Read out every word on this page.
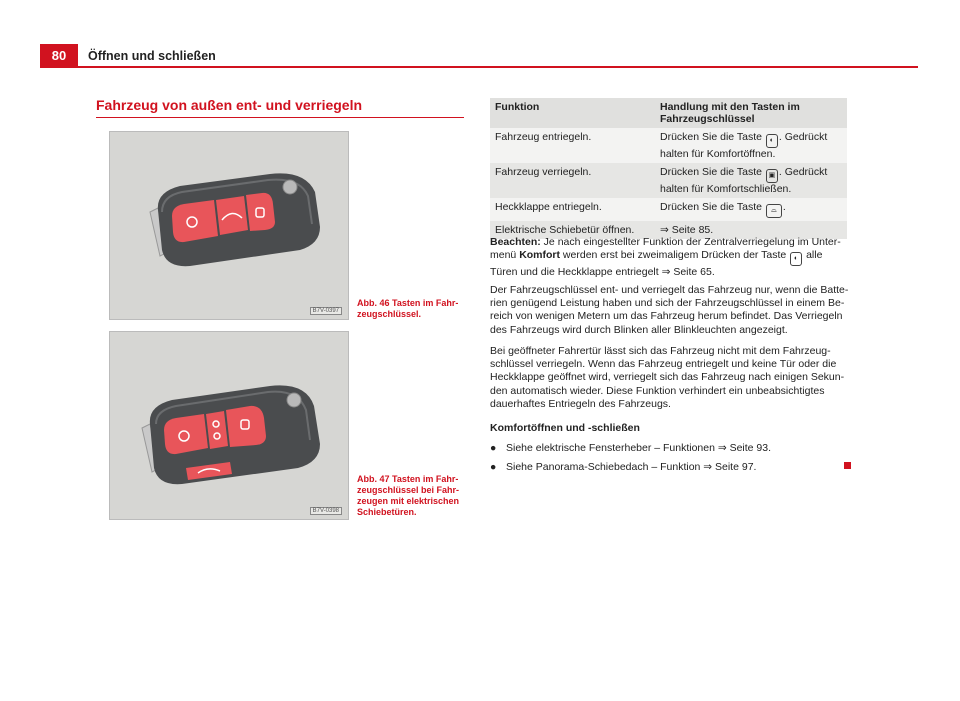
80	Öffnen und schließen
Fahrzeug von außen ent- und verriegeln
B7V-0397
Abb. 46 Tasten im Fahrzeugschlüssel.
B7V-0398
Abb. 47 Tasten im Fahrzeugschlüssel bei Fahrzeugen mit elektrischen Schiebetüren.
Funktion	Handlung mit den Tasten im Fahrzeugschlüssel
Fahrzeug entriegeln.	Drücken Sie die Taste ◐ . Gedrückt halten für Komfortöffnen.
Fahrzeug verriegeln.	Drücken Sie die Taste ▣ . Gedrückt halten für Komfortschließen.
Heckklappe entriegeln.	Drücken Sie die Taste ⌓ .
Elektrische Schiebetür öffnen.	⇒ Seite 85.
Beachten: Je nach eingestellter Funktion der Zentralverriegelung im Untermenü Komfort werden erst bei zweimaligem Drücken der Taste ◐ alle Türen und die Heckklappe entriegelt ⇒ Seite 65.
Der Fahrzeugschlüssel ent- und verriegelt das Fahrzeug nur, wenn die Batterien genügend Leistung haben und sich der Fahrzeugschlüssel in einem Bereich von wenigen Metern um das Fahrzeug herum befindet. Das Verriegeln des Fahrzeugs wird durch Blinken aller Blinkleuchten angezeigt.
Bei geöffneter Fahrertür lässt sich das Fahrzeug nicht mit dem Fahrzeugschlüssel verriegeln. Wenn das Fahrzeug entriegelt und keine Tür oder die Heckklappe geöffnet wird, verriegelt sich das Fahrzeug nach einigen Sekunden automatisch wieder. Diese Funktion verhindert ein unbeabsichtigtes dauerhaftes Entriegeln des Fahrzeugs.
Komfortöffnen und -schließen
● Siehe elektrische Fensterheber – Funktionen ⇒ Seite 93.
● Siehe Panorama-Schiebedach – Funktion ⇒ Seite 97.
